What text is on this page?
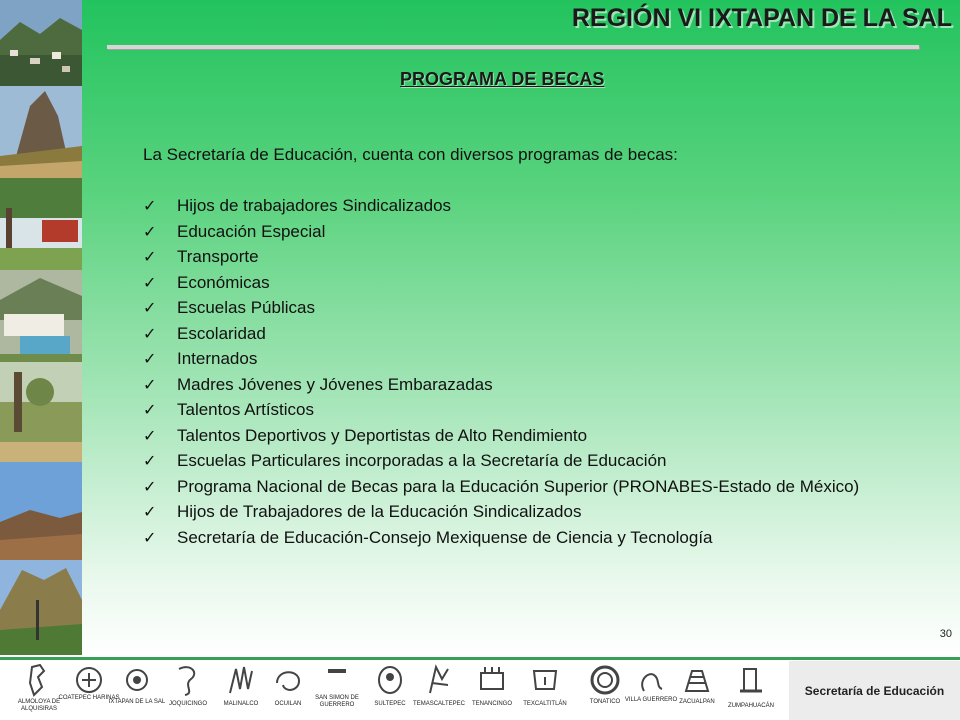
REGIÓN VI IXTAPAN DE LA SAL
PROGRAMA DE BECAS
La Secretaría de Educación, cuenta con diversos programas de becas:
✓ Hijos de trabajadores Sindicalizados
✓ Educación Especial
✓ Transporte
✓ Económicas
✓ Escuelas Públicas
✓ Escolaridad
✓ Internados
✓ Madres Jóvenes y Jóvenes Embarazadas
✓ Talentos Artísticos
✓ Talentos Deportivos y Deportistas de Alto Rendimiento
✓ Escuelas Particulares incorporadas a la Secretaría de Educación
✓ Programa Nacional de Becas para la Educación Superior (PRONABES-Estado de México)
✓ Hijos de Trabajadores de la Educación Sindicalizados
✓ Secretaría de Educación-Consejo Mexiquense de Ciencia y Tecnología
30
ALMOLOYA DE ALQUISIRAS
COATEPEC HARINAS
IXTAPAN DE LA SAL JOQUICINGO	MALINALCO	OCUILAN
SAN SIMON DE GUERRERO	SULTEPEC	TEMASCALTEPEC	TENANCINGO	TEXCALTITLÁN	TONATICO VILLA GUERRERO ZACUALPAN
ZUMPAHUACÁN
Secretaría de Educación
